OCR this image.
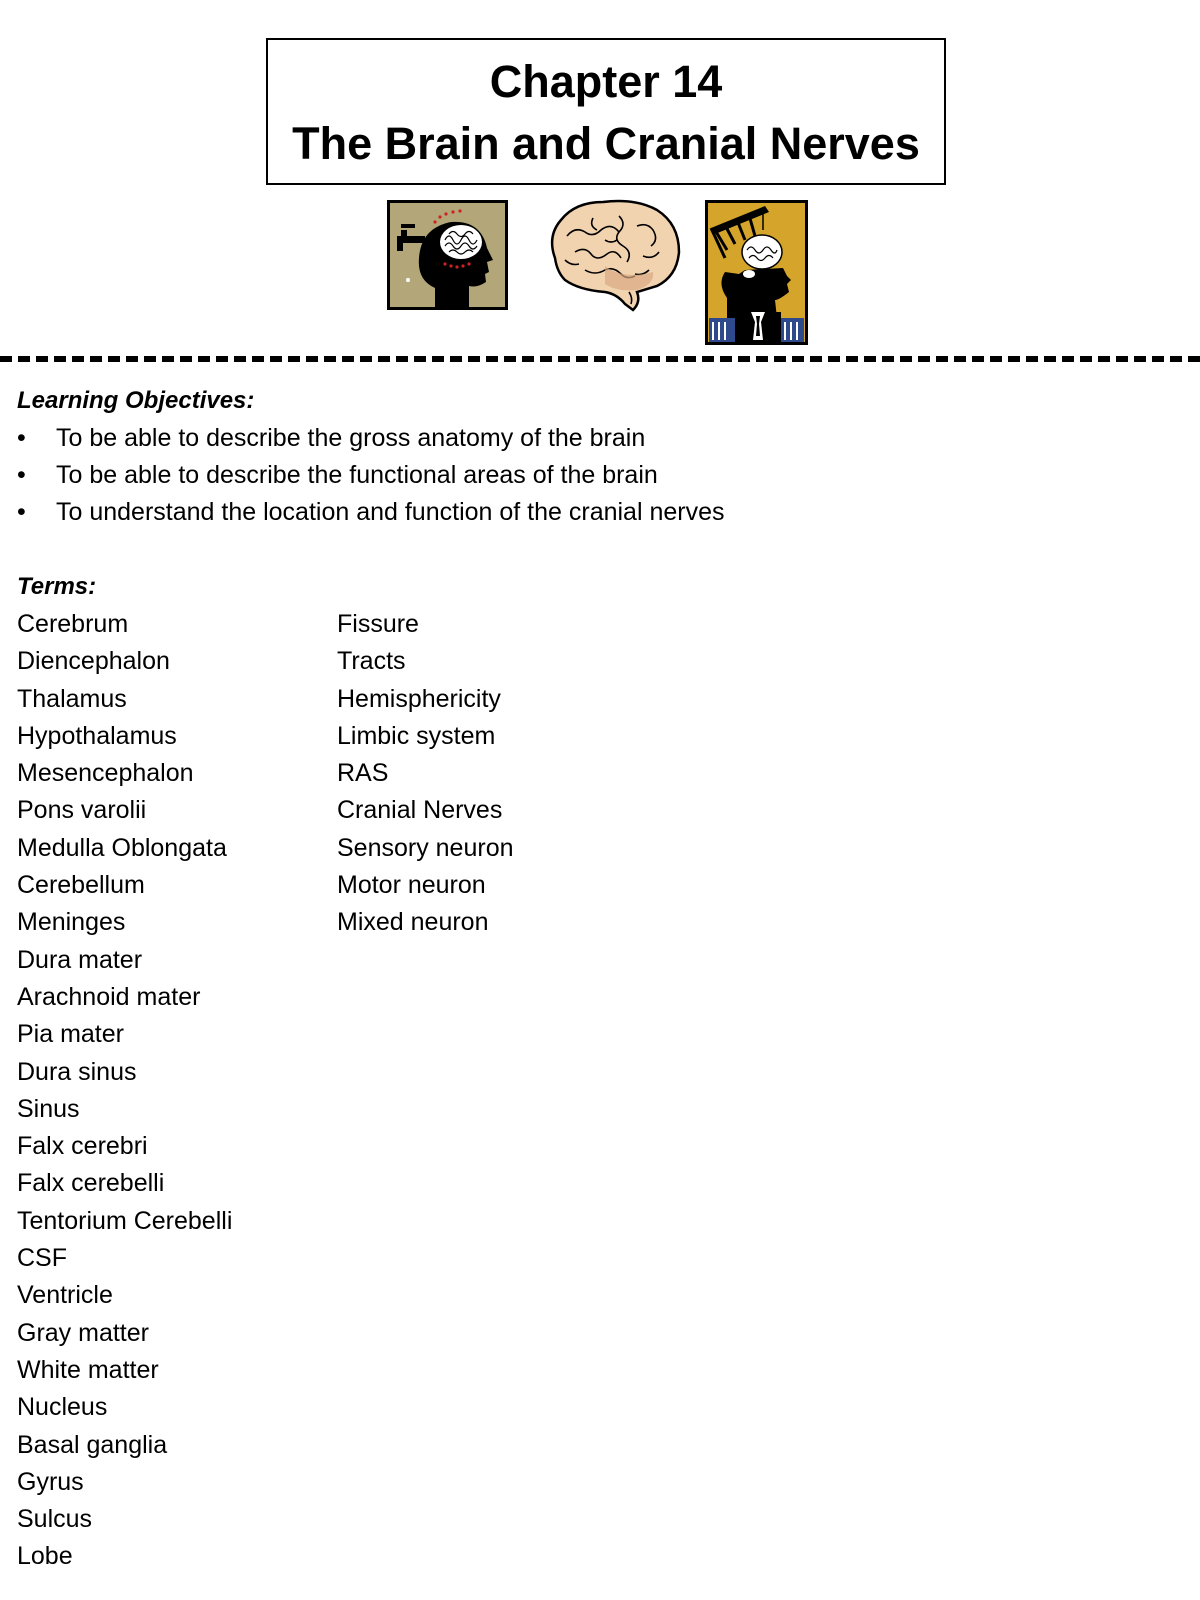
Chapter 14
The Brain and Cranial Nerves
Learning Objectives:
• To be able to describe the gross anatomy of the brain
• To be able to describe the functional areas of the brain
• To understand the location and function of the cranial nerves
Terms:
Cerebrum
Diencephalon
Thalamus
Hypothalamus
Mesencephalon
Pons varolii
Medulla Oblongata
Cerebellum
Meninges
Dura mater
Arachnoid mater
Pia mater
Dura sinus
Sinus
Falx cerebri
Falx cerebelli
Tentorium Cerebelli
CSF
Ventricle
Gray matter
White matter
Nucleus
Basal ganglia
Gyrus
Sulcus
Lobe
Fissure
Tracts
Hemisphericity
Limbic system
RAS
Cranial Nerves
Sensory neuron
Motor neuron
Mixed neuron
